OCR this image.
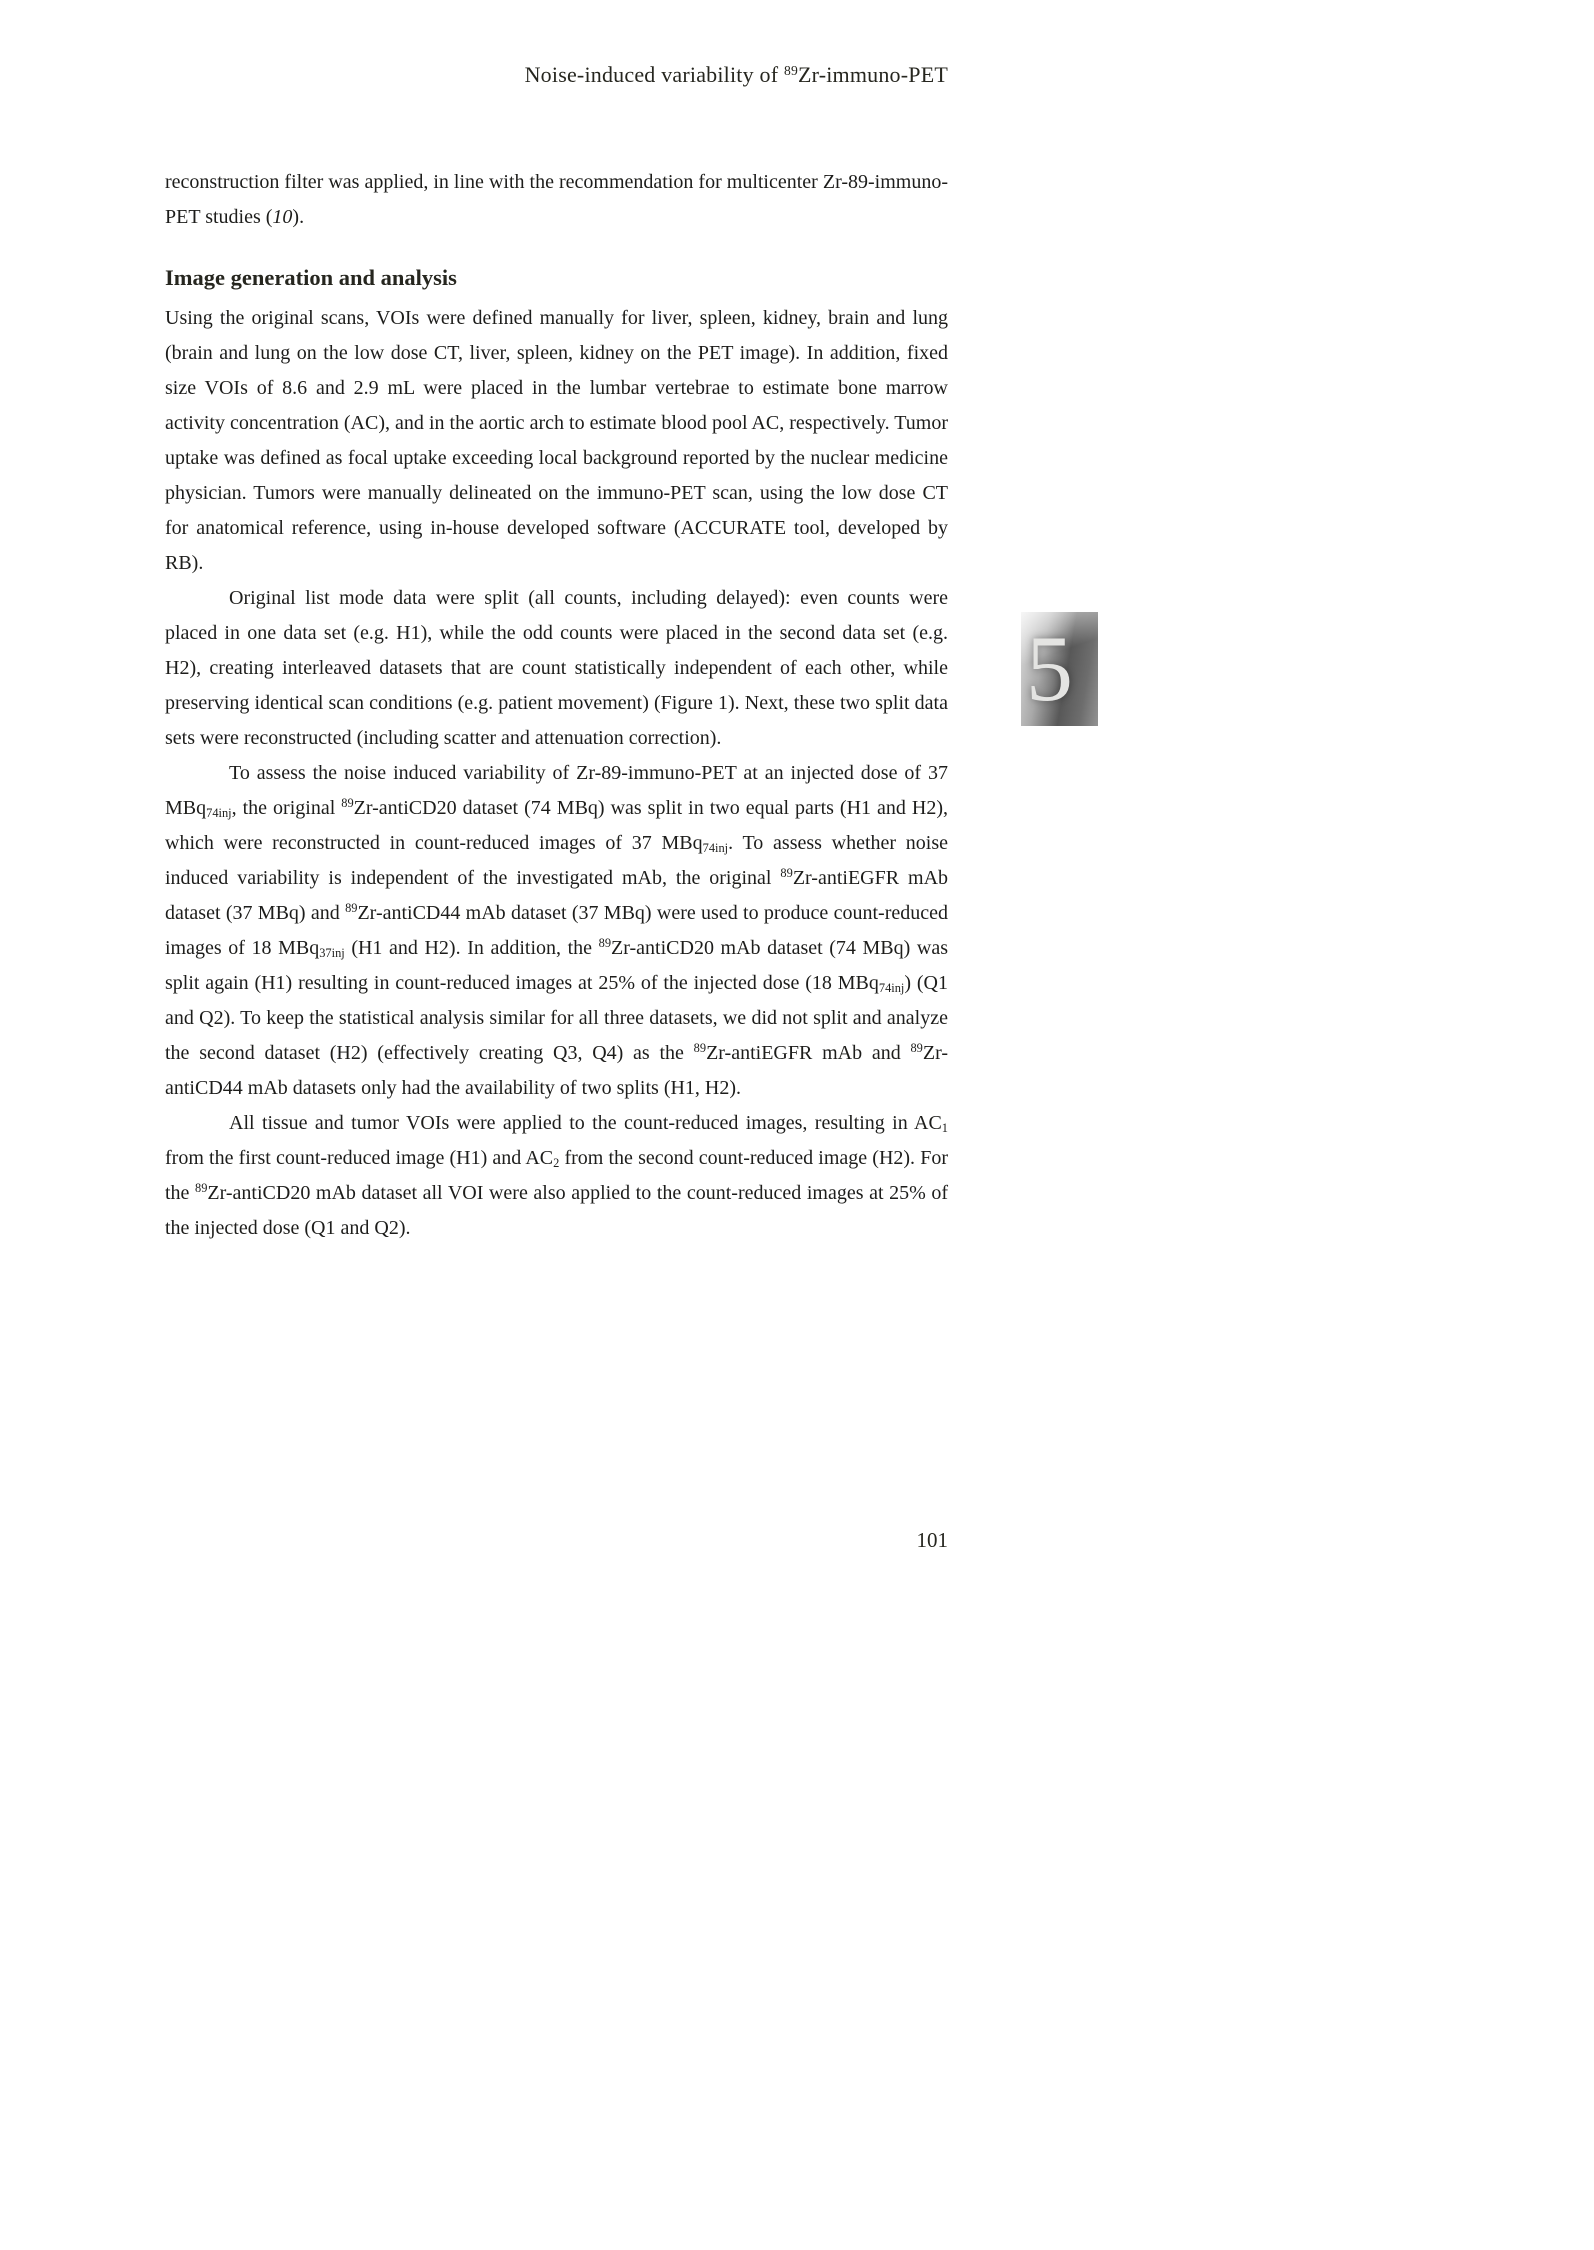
Noise-induced variability of $^{89}$Zr-immuno-PET

reconstruction filter was applied, in line with the recommendation for multicenter Zr-89-immuno-PET studies (10).

Image generation and analysis

Using the original scans, VOIs were defined manually for liver, spleen, kidney, brain and lung (brain and lung on the low dose CT, liver, spleen, kidney on the PET image). In addition, fixed size VOIs of 8.6 and 2.9 mL were placed in the lumbar vertebrae to estimate bone marrow activity concentration (AC), and in the aortic arch to estimate blood pool AC, respectively. Tumor uptake was defined as focal uptake exceeding local background reported by the nuclear medicine physician. Tumors were manually delineated on the immuno-PET scan, using the low dose CT for anatomical reference, using in-house developed software (ACCURATE tool, developed by RB).

Original list mode data were split (all counts, including delayed): even counts were placed in one data set (e.g. H1), while the odd counts were placed in the second data set (e.g. H2), creating interleaved datasets that are count statistically independent of each other, while preserving identical scan conditions (e.g. patient movement) (Figure 1). Next, these two split data sets were reconstructed (including scatter and attenuation correction).

To assess the noise induced variability of Zr-89-immuno-PET at an injected dose of 37 MBq$_{74inj}$, the original $^{89}$Zr-antiCD20 dataset (74 MBq) was split in two equal parts (H1 and H2), which were reconstructed in count-reduced images of 37 MBq$_{74inj}$. To assess whether noise induced variability is independent of the investigated mAb, the original $^{89}$Zr-antiEGFR mAb dataset (37 MBq) and $^{89}$Zr-antiCD44 mAb dataset (37 MBq) were used to produce count-reduced images of 18 MBq$_{37inj}$ (H1 and H2). In addition, the $^{89}$Zr-antiCD20 mAb dataset (74 MBq) was split again (H1) resulting in count-reduced images at 25% of the injected dose (18 MBq$_{74inj}$) (Q1 and Q2). To keep the statistical analysis similar for all three datasets, we did not split and analyze the second dataset (H2) (effectively creating Q3, Q4) as the $^{89}$Zr-antiEGFR mAb and $^{89}$Zr-antiCD44 mAb datasets only had the availability of two splits (H1, H2).

All tissue and tumor VOIs were applied to the count-reduced images, resulting in $AC_1$ from the first count-reduced image (H1) and $AC_2$ from the second count-reduced image (H2). For the $^{89}$Zr-antiCD20 mAb dataset all VOI were also applied to the count-reduced images at 25% of the injected dose (Q1 and Q2).

5
101
